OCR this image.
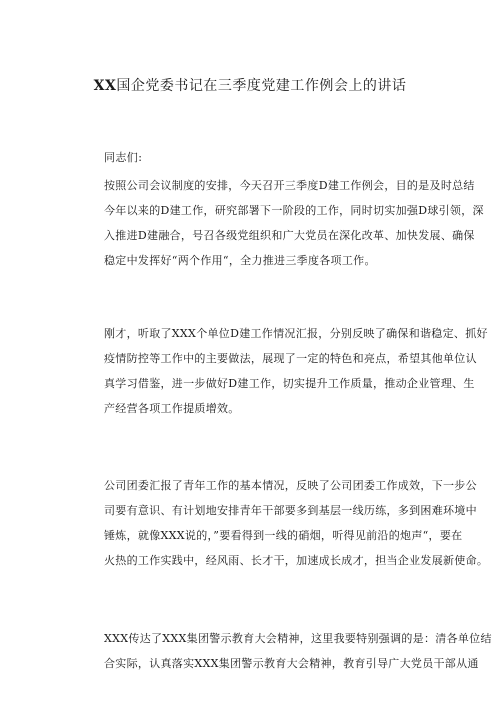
XX国企党委书记在三季度党建工作例会上的讲话
同志们:

按照公司会议制度的安排，今天召开三季度D建工作例会，目的是及时总结
今年以来的D建工作，研究部署下一阶段的工作，同时切实加强D球引领，深
入推进D建融合，号召各级党组织和广大党员在深化改革、加快发展、确保
稳定中发挥好“两个作用“，全力推进三季度各项工作。

刚才，听取了XXX个单位D建工作情况汇报，分别反映了确保和谐稳定、抓好
疫情防控等工作中的主要做法，展现了一定的特色和亮点，希望其他单位认
真学习借鉴，进一步做好D建工作，切实提升工作质量，推动企业管理、生
产经营各项工作提质增效。

公司团委汇报了青年工作的基本情况，反映了公司团委工作成效，下一步公
司要有意识、有计划地安排青年干部要多到基层一线历练，多到困难环境中
锤炼，就像XXX说的，”要看得到一线的硝烟，听得见前沿的炮声“，要在
火热的工作实践中，经风雨、长才干，加速成长成才，担当企业发展新使命。

XXX传达了XXX集团警示教育大会精神，这里我要特别强调的是：清各单位结
合实际，认真落实XXX集团警示教育大会精神，教育引导广大党员干部从通
